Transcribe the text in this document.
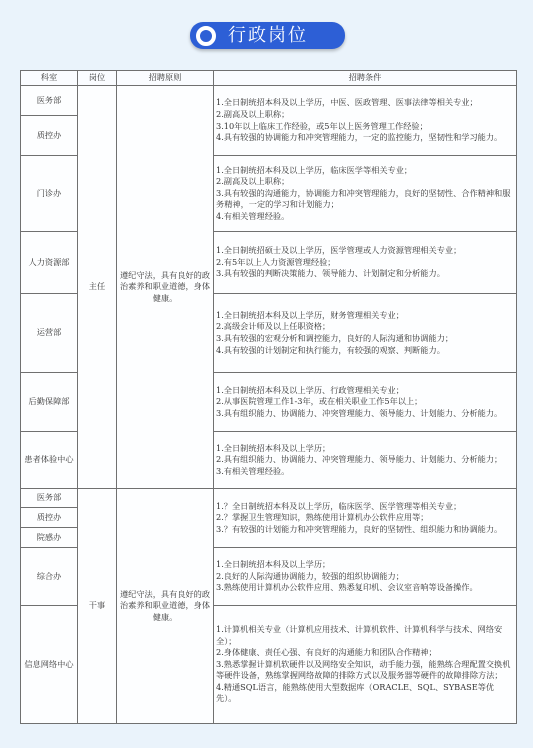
行政岗位
科室	岗位	招聘原则	招聘条件
医务部	主任	遵纪守法，具有良好的政治素养和职业道德，身体健康。	1.全日制统招本科及以上学历，中医、医政管理、医事法律等相关专业；
2.副高及以上职称；
3.10年以上临床工作经验，或5年以上医务管理工作经验；
4.具有较强的协调能力和冲突管理能力，一定的监控能力，坚韧性和学习能力。

质控办			
门诊办			1.全日制统招本科及以上学历，临床医学等相关专业；
2.副高及以上职称；
3.具有较强的沟通能力，协调能力和冲突管理能力，良好的坚韧性、合作精神和服务精神，一定的学习和计划能力；
4.有相关管理经验。

人力资源部			1.全日制统招硕士及以上学历，医学管理或人力资源管理相关专业；
2.有5年以上人力资源管理经验；
3.具有较强的判断决策能力、领导能力、计划制定和分析能力。

运营部			1.全日制统招本科及以上学历，财务管理相关专业；
2.高级会计师及以上任职资格；
3.具有较强的宏观分析和调控能力，良好的人际沟通和协调能力；
4.具有较强的计划制定和执行能力，有较强的观察、判断能力。

后勤保障部			1.全日制统招本科及以上学历、行政管理相关专业；
2.从事医院管理工作1-3年，或在相关职业工作5年以上；
3.具有组织能力、协调能力、冲突管理能力、领导能力、计划能力、分析能力。

患者体验中心			1.全日制统招本科及以上学历；
2.具有组织能力、协调能力、冲突管理能力、领导能力、计划能力、分析能力；
3.有相关管理经验。

医务部	干事	遵纪守法，具有良好的政治素养和职业道德，身体健康。	1.？全日制统招本科及以上学历，临床医学、医学管理等相关专业；
2.？掌握卫生管理知识，熟练使用计算机办公软件应用等；
3.？有较强的计划能力和冲突管理能力，良好的坚韧性、组织能力和协调能力。

质控办			
院感办			
综合办			1.全日制统招本科及以上学历；
2.良好的人际沟通协调能力，较强的组织协调能力；
3.熟练使用计算机办公软件应用、熟悉复印机、会议室音响等设备操作。

信息网络中心			1.计算机相关专业（计算机应用技术、计算机软件、计算机科学与技术、网络安全）；
2.身体健康、责任心强、有良好的沟通能力和团队合作精神；
3.熟悉掌握计算机软硬件以及网络安全知识，动手能力强，能熟练合理配置交换机等硬件设备，熟练掌握网络故障的排除方式以及服务器等硬件的故障排除方法；
4.精通SQL语言，能熟练使用大型数据库（ORACLE、SQL、SYBASE等优先）。
